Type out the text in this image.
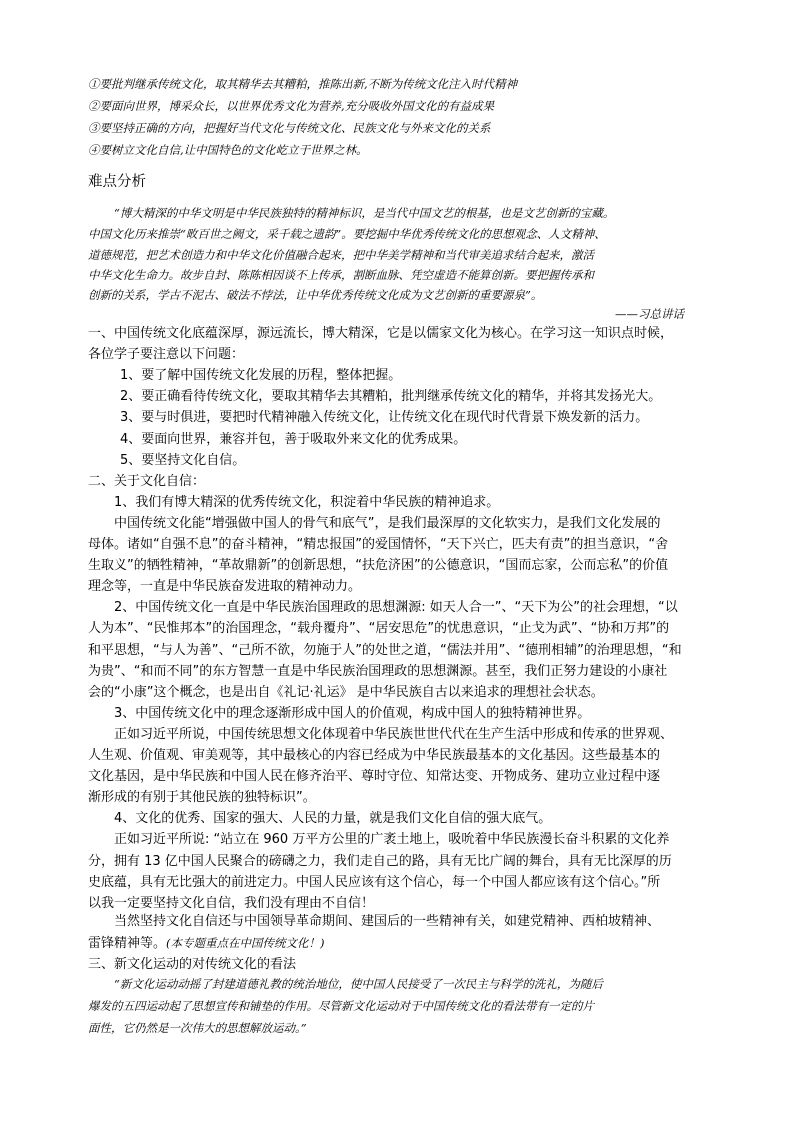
①要批判继承传统文化，取其精华去其糟粕，推陈出新,不断为传统文化注入时代精神
②要面向世界，博采众长，以世界优秀文化为营养,充分吸收外国文化的有益成果
③要坚持正确的方向，把握好当代文化与传统文化、民族文化与外来文化的关系
④要树立文化自信,让中国特色的文化屹立于世界之林。
难点分析
“博大精深的中华文明是中华民族独特的精神标识，是当代中国文艺的根基，也是文艺创新的宝藏。
中国文化历来推崇“畋百世之阙文，采千载之遗韵”。要挖掘中华优秀传统文化的思想观念、人文精神、
道德规范，把艺术创造力和中华文化价值融合起来，把中华美学精神和当代审美追求结合起来，激活
中华文化生命力。故步自封、陈陈相因谈不上传承，割断血脉、凭空虚造不能算创新。要把握传承和
创新的关系，学古不泥古、破法不悖法，让中华优秀传统文化成为文艺创新的重要源泉”。
——习总讲话
一、中国传统文化底蕴深厚，源远流长，博大精深，它是以儒家文化为核心。在学习这一知识点时候，
各位学子要注意以下问题：
1、要了解中国传统文化发展的历程，整体把握。
2、要正确看待传统文化，要取其精华去其糟粕，批判继承传统文化的精华，并将其发扬光大。
3、要与时俱进，要把时代精神融入传统文化，让传统文化在现代时代背景下焕发新的活力。
4、要面向世界，兼容并包，善于吸取外来文化的优秀成果。
5、要坚持文化自信。
二、关于文化自信：
1、我们有博大精深的优秀传统文化，积淀着中华民族的精神追求。
中国传统文化能“增强做中国人的骨气和底气”，是我们最深厚的文化软实力，是我们文化发展的
母体。诸如“自强不息”的奋斗精神，“精忠报国”的爱国情怀，“天下兴亡，匹夫有责”的担当意识，“舍
生取义”的牺牲精神，“革故鼎新”的创新思想，“扶危济困”的公德意识，“国而忘家，公而忘私”的价值
理念等，一直是中华民族奋发进取的精神动力。
2、中国传统文化一直是中华民族治国理政的思想渊源: 如天人合一”、“天下为公”的社会理想，“以
人为本”、“民惟邦本”的治国理念，“载舟覆舟”、“居安思危”的忧患意识，“止戈为武”、“协和万邦”的
和平思想，“与人为善”、“己所不欲，勿施于人”的处世之道，“儒法并用”、“德刑相辅”的治理思想，“和
为贵”、“和而不同”的东方智慧一直是中华民族治国理政的思想渊源。甚至，我们正努力建设的小康社
会的“小康”这个概念，也是出自《礼记·礼运》 是中华民族自古以来追求的理想社会状态。
3、中国传统文化中的理念逐渐形成中国人的价值观，构成中国人的独特精神世界。
正如习近平所说，中国传统思想文化体现着中华民族世世代代在生产生活中形成和传承的世界观、
人生观、价值观、审美观等，其中最核心的内容已经成为中华民族最基本的文化基因。这些最基本的
文化基因，是中华民族和中国人民在修齐治平、尊时守位、知常达变、开物成务、建功立业过程中逐
渐形成的有别于其他民族的独特标识”。
4、文化的优秀、国家的强大、人民的力量，就是我们文化自信的强大底气。
正如习近平所说: “站立在 960 万平方公里的广袤土地上，吸吮着中华民族漫长奋斗积累的文化养
分，拥有 13 亿中国人民聚合的磅礴之力，我们走自己的路，具有无比广阔的舞台，具有无比深厚的历
史底蕴，具有无比强大的前进定力。中国人民应该有这个信心，每一个中国人都应该有这个信心。”所
以我一定要坚持文化自信，我们没有理由不自信！
当然坚持文化自信还与中国领导革命期间、建国后的一些精神有关，如建党精神、西柏坡精神、
雷锋精神等。(本专题重点在中国传统文化！)
三、新文化运动的对传统文化的看法
“新文化运动动摇了封建道德礼教的统治地位，使中国人民接受了一次民主与科学的洗礼，为随后
爆发的五四运动起了思想宣传和铺垫的作用。尽管新文化运动对于中国传统文化的看法带有一定的片
面性，它仍然是一次伟大的思想解放运动。”
